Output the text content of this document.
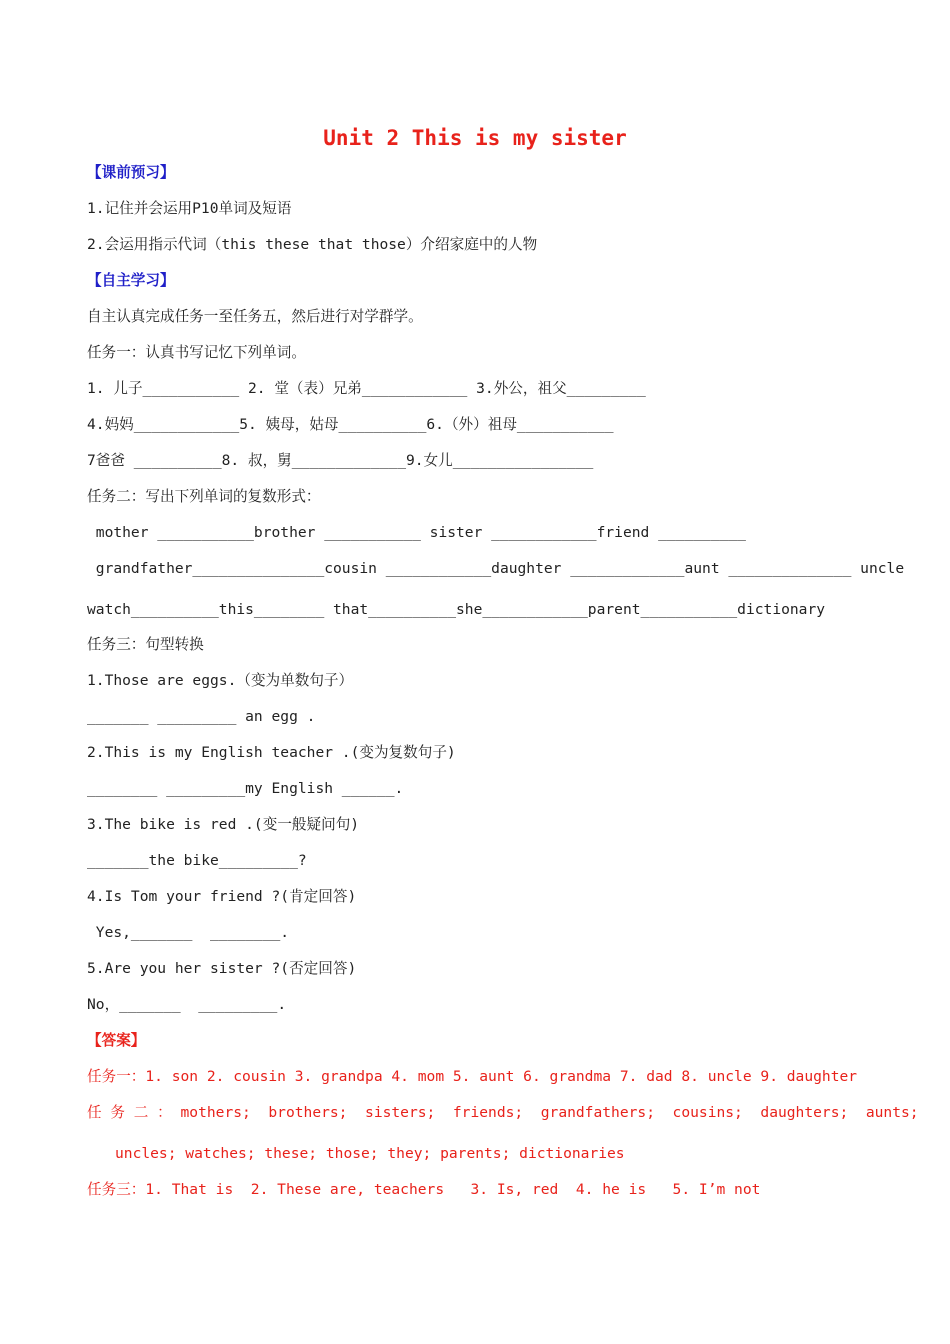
Unit 2 This is my sister
【课前预习】
1.记住并会运用P10单词及短语
2.会运用指示代词（this these that those）介绍家庭中的人物
【自主学习】
自主认真完成任务一至任务五，然后进行对学群学。
任务一：认真书写记忆下列单词。
1. 儿子___________ 2. 堂（表）兄弟____________ 3.外公，祖父_________
4.妈妈____________5. 姨母，姑母__________6.（外）祖母___________
7爸爸 __________8. 叔，舅_____________9.女儿________________
任务二：写出下列单词的复数形式：
mother ___________brother ___________ sister ____________friend __________
grandfather_______________cousin ____________daughter _____________aunt ______________ uncle
watch__________this________ that__________she____________parent___________dictionary
任务三：句型转换
1.Those are eggs.（变为单数句子）
_______ _________ an egg .
2.This is my English teacher .(变为复数句子)
________ _________my English ______.
3.The bike is red .(变一般疑问句)
_______the bike_________?
4.Is Tom your friend ?(肯定回答)
Yes,_______  ________.
5.Are you her sister ?(否定回答)
No，_______  _________.
【答案】
任务一：1. son 2. cousin 3. grandpa 4. mom 5. aunt 6. grandma 7. dad 8. uncle 9. daughter
任 务 二 ： mothers;  brothers;  sisters;  friends;  grandfathers;  cousins;  daughters;  aunts;
uncles; watches; these; those; they; parents; dictionaries
任务三：1. That is  2. These are, teachers   3. Is, red  4. he is   5. I’m not
